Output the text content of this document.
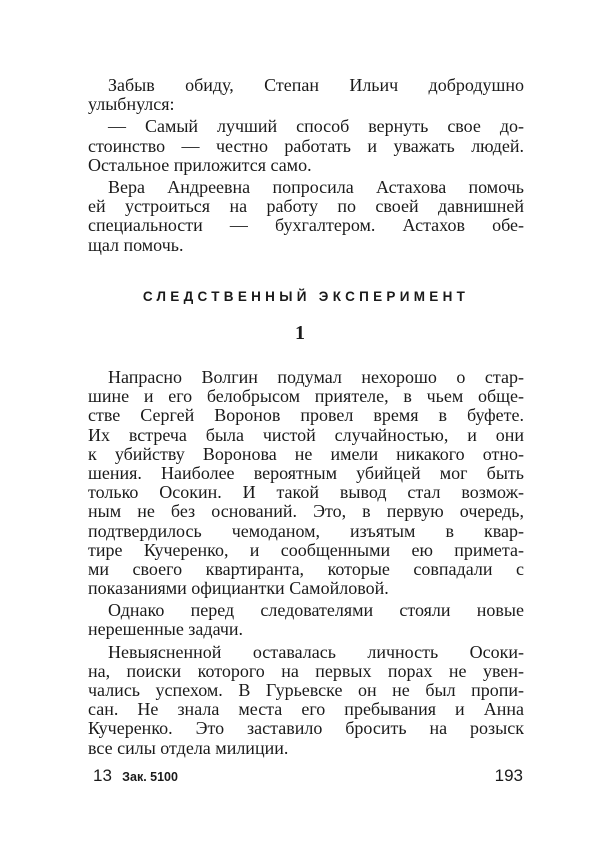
Забыв обиду, Степан Ильич добродушно
улыбнулся:
— Самый лучший способ вернуть свое до-
стоинство — честно работать и уважать людей.
Остальное приложится само.
Вера Андреевна попросила Астахова помочь
ей устроиться на работу по своей давнишней
специальности — бухгалтером. Астахов обе-
щал помочь.
СЛЕДСТВЕННЫЙ ЭКСПЕРИМЕНТ
1
Напрасно Волгин подумал нехорошо о стар-
шине и его белобрысом приятеле, в чьем обще-
стве Сергей Воронов провел время в буфете.
Их встреча была чистой случайностью, и они
к убийству Воронова не имели никакого отно-
шения. Наиболее вероятным убийцей мог быть
только Осокин. И такой вывод стал возмож-
ным не без оснований. Это, в первую очередь,
подтвердилось чемоданом, изъятым в квар-
тире Кучеренко, и сообщенными ею примета-
ми своего квартиранта, которые совпадали с
показаниями официантки Самойловой.
Однако перед следователями стояли новые
нерешенные задачи.
Невыясненной оставалась личность Осоки-
на, поиски которого на первых порах не увен-
чались успехом. В Гурьевске он не был пропи-
сан. Не знала места его пребывания и Анна
Кучеренко. Это заставило бросить на розыск
все силы отдела милиции.
13 Зак. 5100	193
